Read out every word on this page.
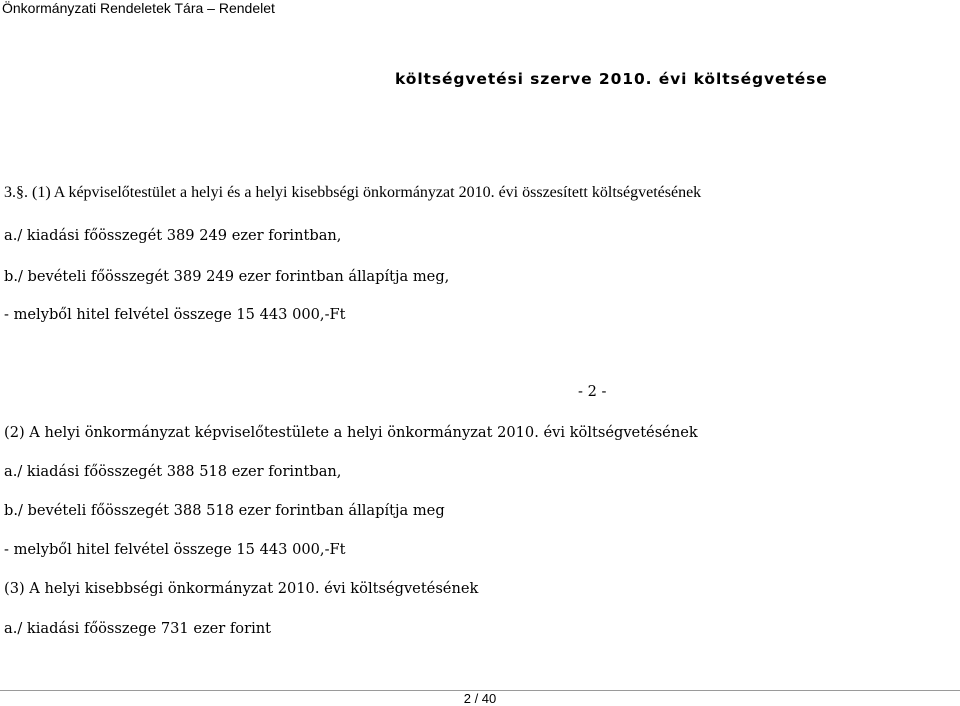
Önkormányzati Rendeletek Tára – Rendelet
költségvetési szerve 2010. évi költségvetése
3.§. (1) A képviselőtestület a helyi és a helyi kisebbségi önkormányzat 2010. évi összesített költségvetésének
a./ kiadási főösszegét 389 249 ezer forintban,
b./ bevételi főösszegét 389 249 ezer forintban állapítja meg,
- melyből hitel felvétel összege 15 443 000,-Ft
- 2 -
(2) A helyi önkormányzat képviselőtestülete a helyi önkormányzat 2010. évi költségvetésének
a./ kiadási főösszegét 388 518 ezer forintban,
b./ bevételi főösszegét 388 518 ezer forintban állapítja meg
- melyből hitel felvétel összege 15 443 000,-Ft
(3) A helyi kisebbségi önkormányzat 2010. évi költségvetésének
a./ kiadási főösszege 731 ezer forint
2 / 40
